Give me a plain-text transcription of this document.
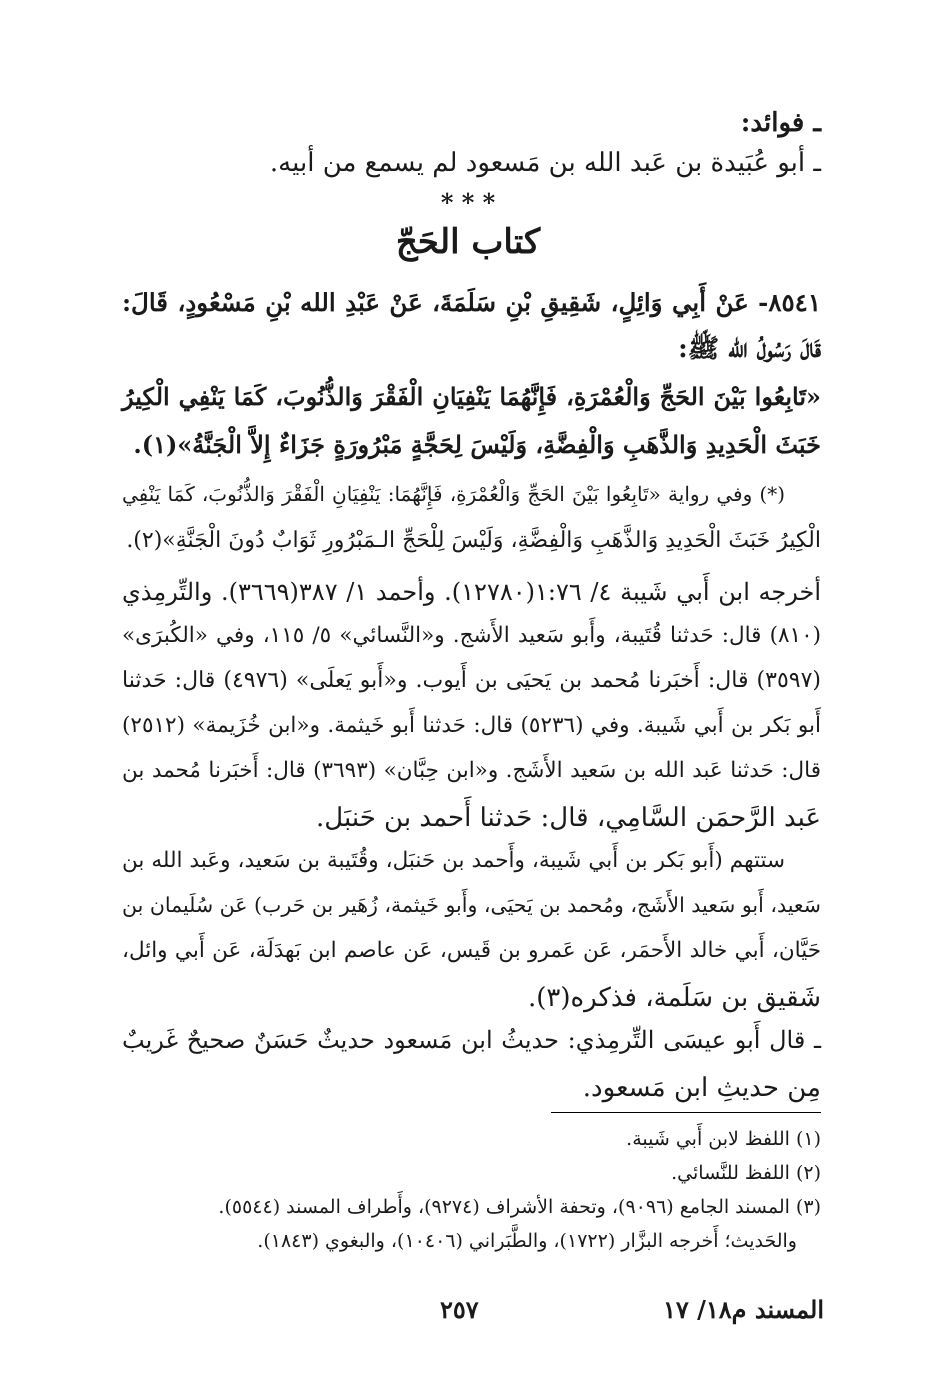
ـ فوائد:
ـ أبو عُبَيدة بن عَبد الله بن مَسعود لم يسمع من أبيه.
* * *
كتاب الحَجّ
٨٥٤١- عَنْ أَبِي وَائِلٍ، شَقِيقِ بْنِ سَلَمَةَ، عَنْ عَبْدِ الله بْنِ مَسْعُودٍ، قَالَ:
قَالَ رَسُولُ الله ﷺ:
«تَابِعُوا بَيْنَ الحَجِّ وَالْعُمْرَةِ، فَإِنَّهُمَا يَنْفِيَانِ الْفَقْرَ وَالذُّنُوبَ، كَمَا يَنْفِي الْكِيرُ
خَبَثَ الْحَدِيدِ وَالذَّهَبِ وَالْفِضَّةِ، وَلَيْسَ لِحَجَّةٍ مَبْرُورَةٍ جَزَاءٌ إِلاَّ الْجَنَّةُ»(١).
(*) وفي رواية «تَابِعُوا بَيْنَ الحَجِّ وَالْعُمْرَةِ، فَإِنَّهُمَا: يَنْفِيَانِ الْفَقْرَ وَالذُّنُوبَ، كَمَا يَنْفِي
الْكِيرُ خَبَثَ الْحَدِيدِ وَالذَّهَبِ وَالْفِضَّةِ، وَلَيْسَ لِلْحَجِّ الـمَبْرُورِ ثَوَابٌ دُونَ الْجَنَّةِ»(٢).
أخرجه ابن أَبي شَيبة ٤/ ١:٧٦(١٢٧٨٠). وأحمد ١/ ٣٨٧(٣٦٦٩). والتِّرمِذي
(٨١٠) قال: حَدثنا قُتَيبة، وأَبو سَعيد الأَشج. و«النَّسائي» ٥/ ١١٥، وفي «الكُبرَى»
(٣٥٩٧) قال: أَخبَرنا مُحمد بن يَحيَى بن أَيوب. و«أَبو يَعلَى» (٤٩٧٦) قال: حَدثنا
أَبو بَكر بن أَبي شَيبة. وفي (٥٢٣٦) قال: حَدثنا أَبو خَيثمة. و«ابن خُزَيمة» (٢٥١٢)
قال: حَدثنا عَبد الله بن سَعيد الأَشَج. و«ابن حِبَّان» (٣٦٩٣) قال: أَخبَرنا مُحمد بن
عَبد الرَّحمَن السَّامِي، قال: حَدثنا أَحمد بن حَنبَل.
ستتهم (أَبو بَكر بن أَبي شَيبة، وأَحمد بن حَنبَل، وقُتَيبة بن سَعيد، وعَبد الله بن
سَعيد، أَبو سَعيد الأَشَج، ومُحمد بن يَحيَى، وأَبو خَيثمة، زُهَير بن حَرب) عَن سُلَيمان بن
حَيَّان، أَبي خالد الأَحمَر، عَن عَمرو بن قَيس، عَن عاصم ابن بَهدَلَة، عَن أَبي وائل،
شَقيق بن سَلَمة، فذكره(٣).
ـ قال أَبو عيسَى التِّرمِذي: حديثُ ابن مَسعود حديثٌ حَسَنٌ صحيحٌ غَريبٌ
مِن حديثِ ابن مَسعود.
(١) اللفظ لابن أَبي شَيبة.
(٢) اللفظ للنَّسائي.
(٣) المسند الجامع (٩٠٩٦)، وتحفة الأشراف (٩٢٧٤)، وأَطراف المسند (٥٥٤٤).
والحَديث؛ أَخرجه البزَّار (١٧٢٢)، والطَّبَراني (١٠٤٠٦)، والبغوي (١٨٤٣).
٢٥٧	المسند م١٨/ ١٧
